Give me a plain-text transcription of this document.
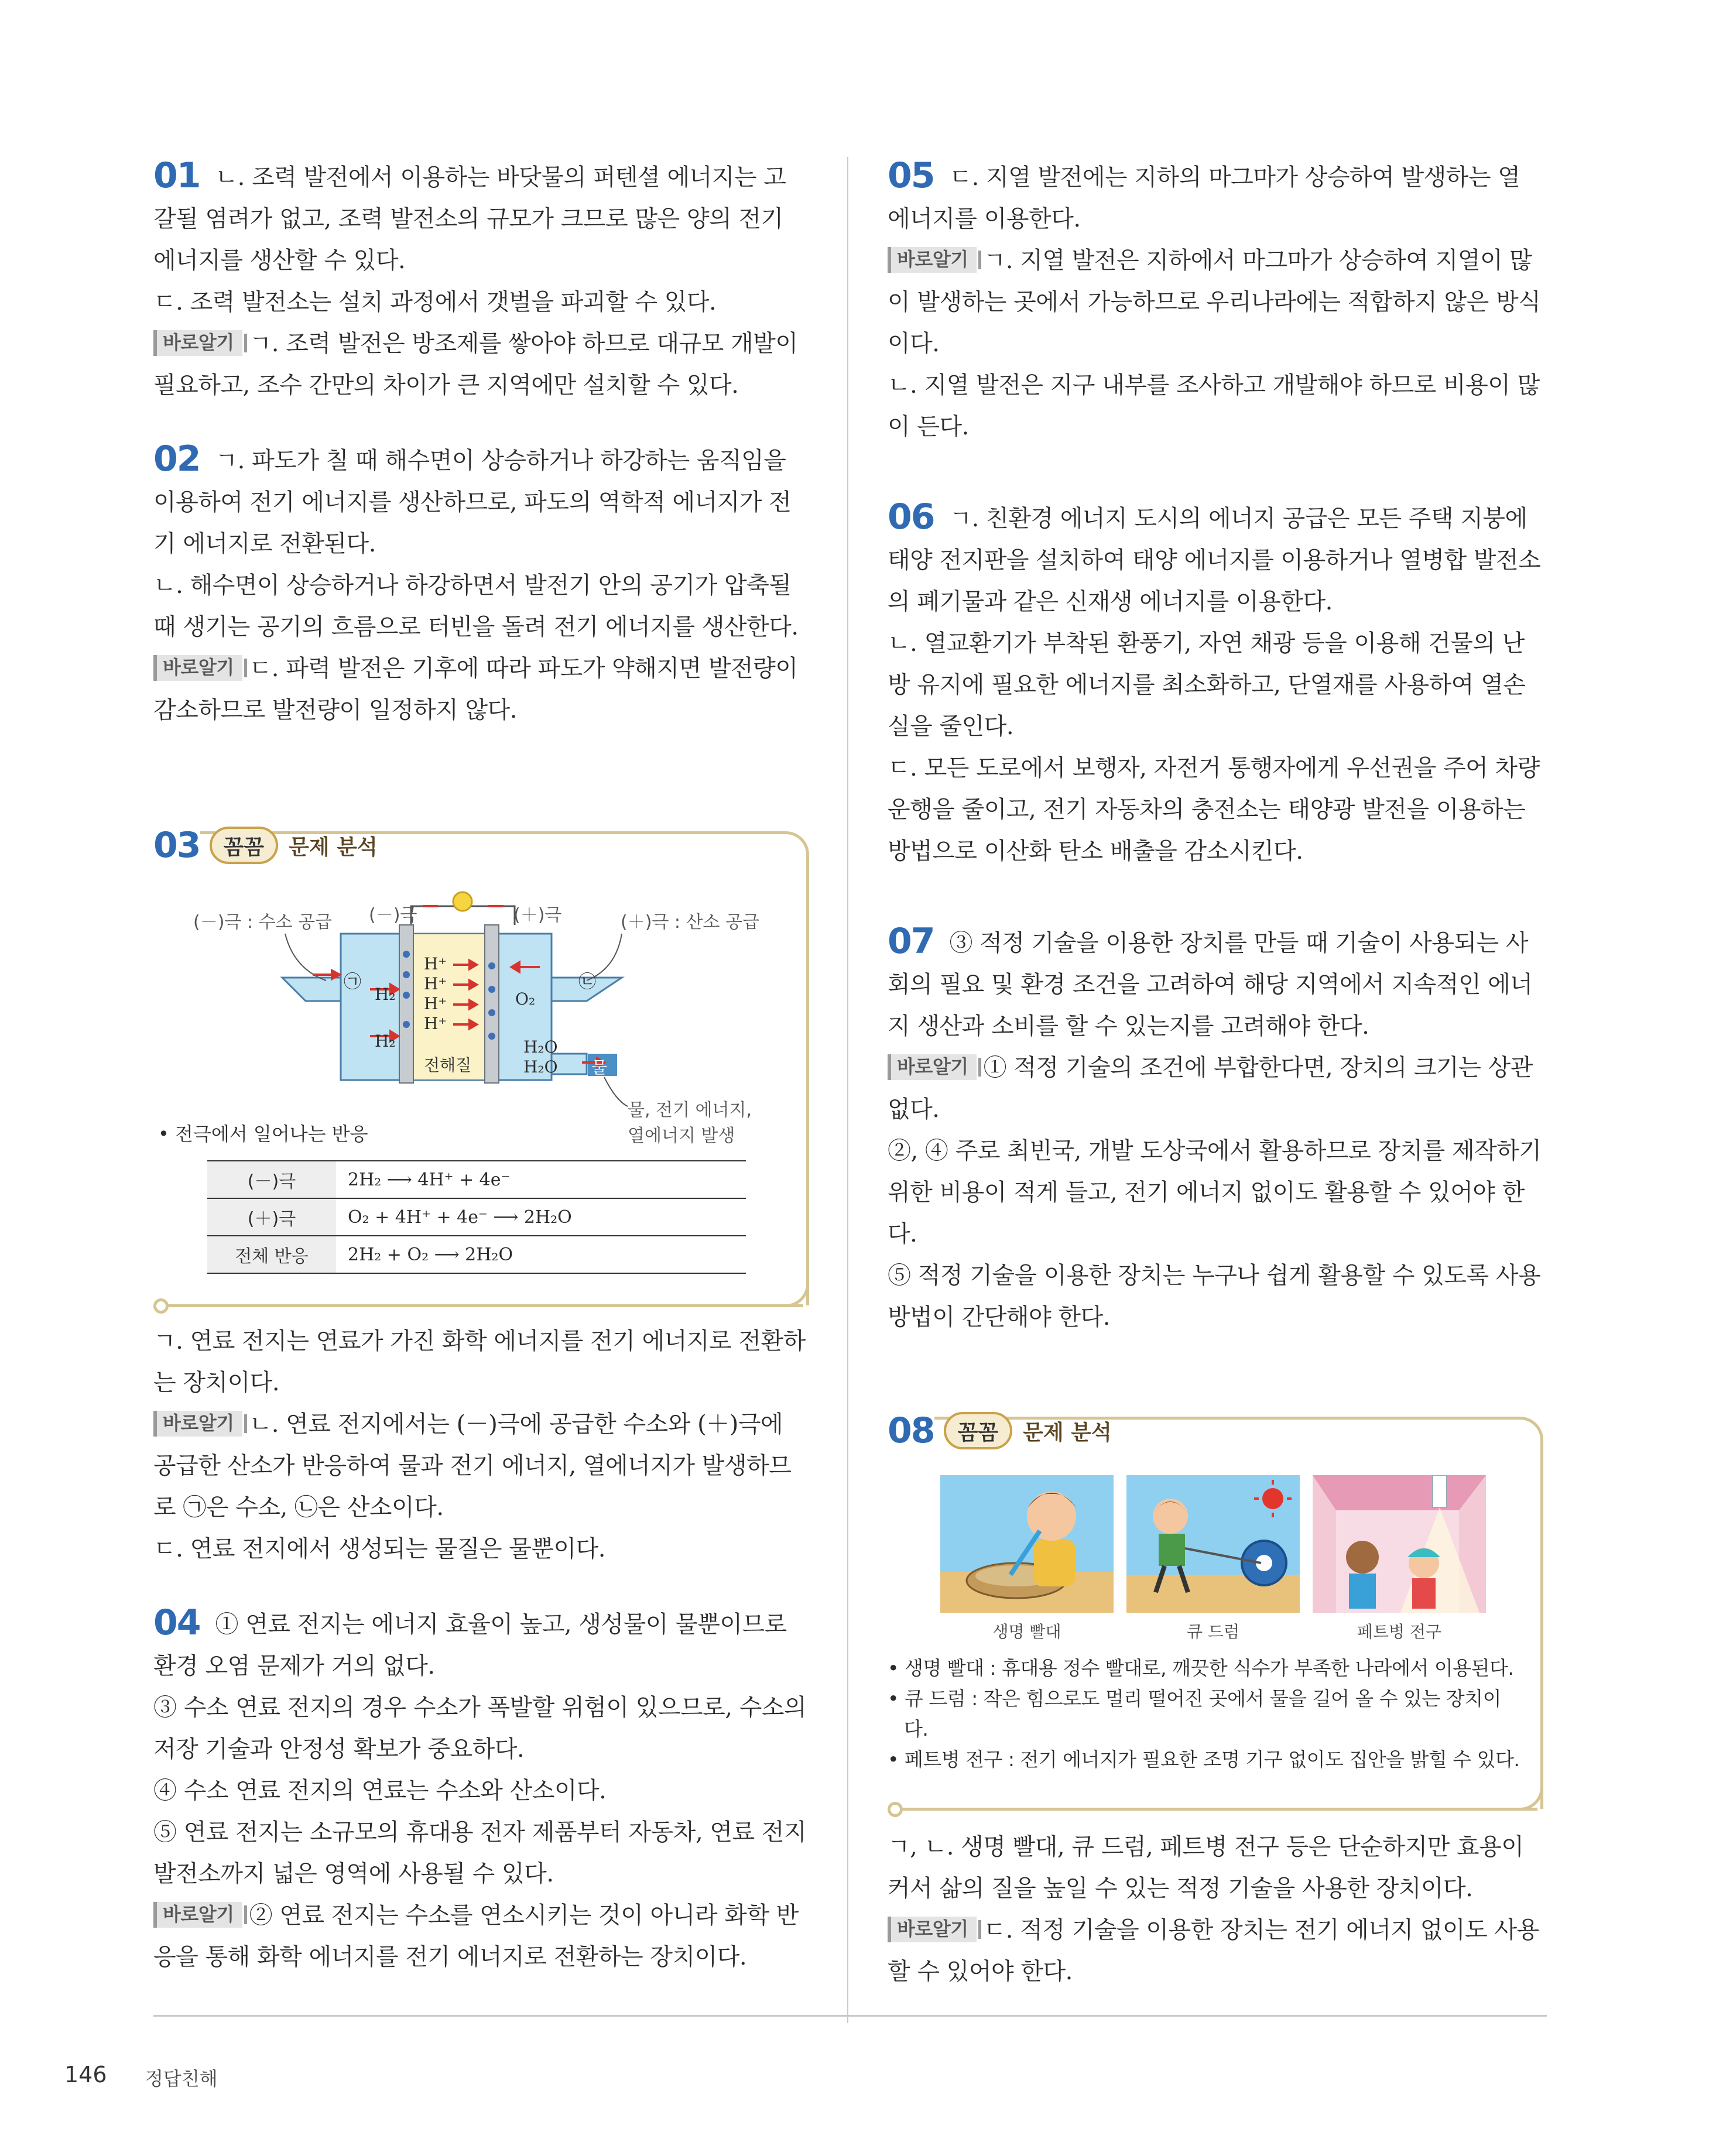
01 ㄴ. 조력 발전에서 이용하는 바닷물의 퍼텐셜 에너지는 고갈될 염려가 없고, 조력 발전소의 규모가 크므로 많은 양의 전기 에너지를 생산할 수 있다.

ㄷ. 조력 발전소는 설치 과정에서 갯벌을 파괴할 수 있다.

바로알기 ㄱ. 조력 발전은 방조제를 쌓아야 하므로 대규모 개발이 필요하고, 조수 간만의 차이가 큰 지역에만 설치할 수 있다.

02 ㄱ. 파도가 칠 때 해수면이 상승하거나 하강하는 움직임을 이용하여 전기 에너지를 생산하므로, 파도의 역학적 에너지가 전기 에너지로 전환된다.

ㄴ. 해수면이 상승하거나 하강하면서 발전기 안의 공기가 압축될 때 생기는 공기의 흐름으로 터빈을 돌려 전기 에너지를 생산한다.

바로알기 ㄷ. 파력 발전은 기후에 따라 파도가 약해지면 발전량이 감소하므로 발전량이 일정하지 않다.

03	꼼꼼	문제 분석
(－)극 : 수소 공급 (－)극	(＋)극	(＋)극 : 산소 공급
㉠	㉡
H₂
H₂
H⁺
H⁺
H⁺
H⁺
O₂
H₂O
H₂O
전해질	물
물, 전기 에너지, 열에너지 발생
• 전극에서 일어나는 반응
(－)극	2H₂ ⟶ 4H⁺ + 4e⁻
(＋)극	O₂ + 4H⁺ + 4e⁻ ⟶ 2H₂O
전체 반응	2H₂ + O₂ ⟶ 2H₂O

ㄱ. 연료 전지는 연료가 가진 화학 에너지를 전기 에너지로 전환하는 장치이다.

바로알기 ㄴ. 연료 전지에서는 (－)극에 공급한 수소와 (＋)극에 공급한 산소가 반응하여 물과 전기 에너지, 열에너지가 발생하므로 ㉠은 수소, ㉡은 산소이다.

ㄷ. 연료 전지에서 생성되는 물질은 물뿐이다.

04 ① 연료 전지는 에너지 효율이 높고, 생성물이 물뿐이므로 환경 오염 문제가 거의 없다.

③ 수소 연료 전지의 경우 수소가 폭발할 위험이 있으므로, 수소의 저장 기술과 안정성 확보가 중요하다.

④ 수소 연료 전지의 연료는 수소와 산소이다.

⑤ 연료 전지는 소규모의 휴대용 전자 제품부터 자동차, 연료 전지 발전소까지 넓은 영역에 사용될 수 있다.

바로알기 ② 연료 전지는 수소를 연소시키는 것이 아니라 화학 반응을 통해 화학 에너지를 전기 에너지로 전환하는 장치이다.

05 ㄷ. 지열 발전에는 지하의 마그마가 상승하여 발생하는 열에너지를 이용한다.

바로알기 ㄱ. 지열 발전은 지하에서 마그마가 상승하여 지열이 많이 발생하는 곳에서 가능하므로 우리나라에는 적합하지 않은 방식이다.

ㄴ. 지열 발전은 지구 내부를 조사하고 개발해야 하므로 비용이 많이 든다.

06 ㄱ. 친환경 에너지 도시의 에너지 공급은 모든 주택 지붕에 태양 전지판을 설치하여 태양 에너지를 이용하거나 열병합 발전소의 폐기물과 같은 신재생 에너지를 이용한다.

ㄴ. 열교환기가 부착된 환풍기, 자연 채광 등을 이용해 건물의 난방 유지에 필요한 에너지를 최소화하고, 단열재를 사용하여 열손실을 줄인다.

ㄷ. 모든 도로에서 보행자, 자전거 통행자에게 우선권을 주어 차량 운행을 줄이고, 전기 자동차의 충전소는 태양광 발전을 이용하는 방법으로 이산화 탄소 배출을 감소시킨다.

07 ③ 적정 기술을 이용한 장치를 만들 때 기술이 사용되는 사회의 필요 및 환경 조건을 고려하여 해당 지역에서 지속적인 에너지 생산과 소비를 할 수 있는지를 고려해야 한다.

바로알기 ① 적정 기술의 조건에 부합한다면, 장치의 크기는 상관 없다.

②, ④ 주로 최빈국, 개발 도상국에서 활용하므로 장치를 제작하기 위한 비용이 적게 들고, 전기 에너지 없이도 활용할 수 있어야 한다.

⑤ 적정 기술을 이용한 장치는 누구나 쉽게 활용할 수 있도록 사용 방법이 간단해야 한다.

08	꼼꼼	문제 분석
생명 빨대	큐 드럼	페트병 전구
• 생명 빨대 : 휴대용 정수 빨대로, 깨끗한 식수가 부족한 나라에서 이용된다.
• 큐 드럼 : 작은 힘으로도 멀리 떨어진 곳에서 물을 길어 올 수 있는 장치이다.
• 페트병 전구 : 전기 에너지가 필요한 조명 기구 없이도 집안을 밝힐 수 있다.

ㄱ, ㄴ. 생명 빨대, 큐 드럼, 페트병 전구 등은 단순하지만 효용이 커서 삶의 질을 높일 수 있는 적정 기술을 사용한 장치이다.

바로알기 ㄷ. 적정 기술을 이용한 장치는 전기 에너지 없이도 사용할 수 있어야 한다.

146 정답친해
